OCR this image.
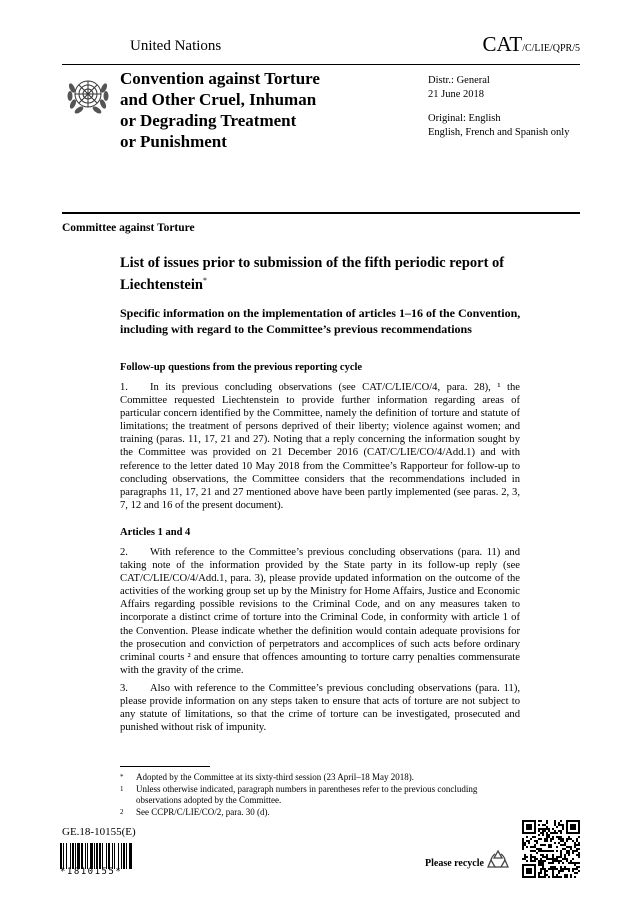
United Nations	CAT/C/LIE/QPR/5
Convention against Torture
and Other Cruel, Inhuman
or Degrading Treatment
or Punishment

Distr.: General

21 June 2018

Original: English

English, French and Spanish only

Committee against Torture
List of issues prior to submission of the fifth periodic report of Liechtenstein*
Specific information on the implementation of articles 1–16 of the Convention, including with regard to the Committee’s previous recommendations
Follow-up questions from the previous reporting cycle

1. In its previous concluding observations (see CAT/C/LIE/CO/4, para. 28), ¹ the Committee requested Liechtenstein to provide further information regarding areas of particular concern identified by the Committee, namely the definition of torture and statute of limitations; the treatment of persons deprived of their liberty; violence against women; and training (paras. 11, 17, 21 and 27). Noting that a reply concerning the information sought by the Committee was provided on 21 December 2016 (CAT/C/LIE/CO/4/Add.1) and with reference to the letter dated 10 May 2018 from the Committee’s Rapporteur for follow-up to concluding observations, the Committee considers that the recommendations included in paragraphs 11, 17, 21 and 27 mentioned above have been partly implemented (see paras. 2, 3, 7, 12 and 16 of the present document).

Articles 1 and 4

2. With reference to the Committee’s previous concluding observations (para. 11) and taking note of the information provided by the State party in its follow-up reply (see CAT/C/LIE/CO/4/Add.1, para. 3), please provide updated information on the outcome of the activities of the working group set up by the Ministry for Home Affairs, Justice and Economic Affairs regarding possible revisions to the Criminal Code, and on any measures taken to incorporate a distinct crime of torture into the Criminal Code, in conformity with article 1 of the Convention. Please indicate whether the definition would contain adequate provisions for the prosecution and conviction of perpetrators and accomplices of such acts before ordinary criminal courts ² and ensure that offences amounting to torture carry penalties commensurate with the gravity of the crime.

3. Also with reference to the Committee’s previous concluding observations (para. 11), please provide information on any steps taken to ensure that acts of torture are not subject to any statute of limitations, so that the crime of torture can be investigated, prosecuted and punished without risk of impunity.

* Adopted by the Committee at its sixty-third session (23 April–18 May 2018).

1 Unless otherwise indicated, paragraph numbers in parentheses refer to the previous concluding observations adopted by the Committee.

2 See CCPR/C/LIE/CO/2, para. 30 (d).

GE.18-10155(E)
*1810155*
Please recycle
